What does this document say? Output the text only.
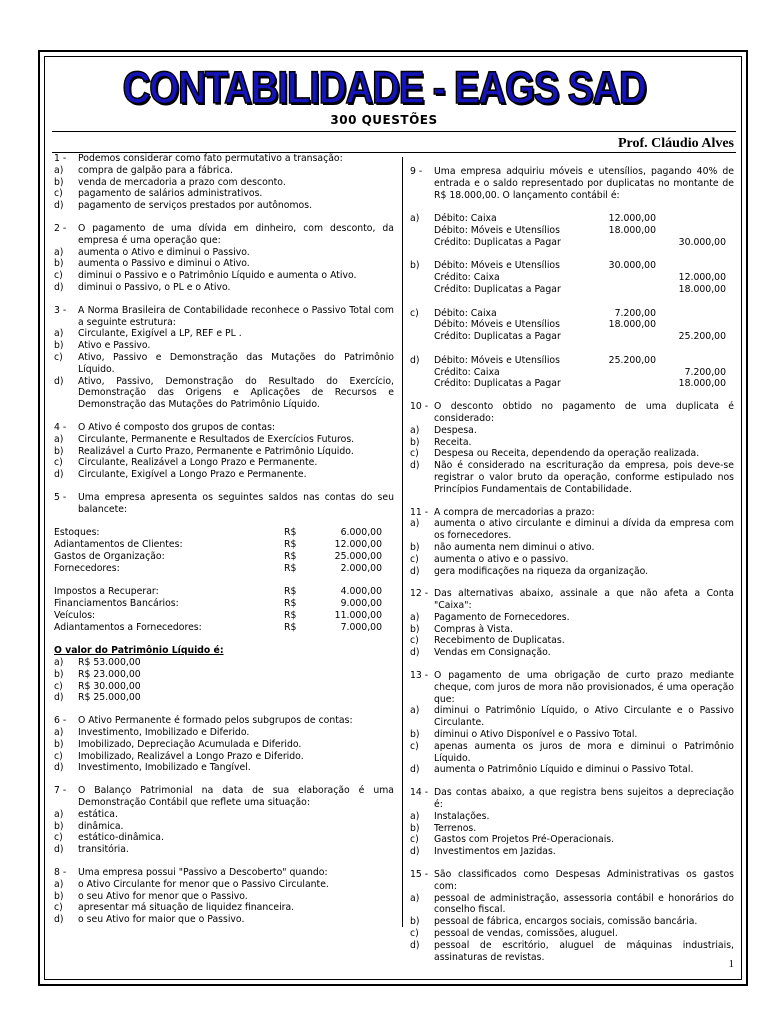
CONTABILIDADE - EAGS SAD
300 QUESTÕES
Prof. Cláudio Alves
1 -	Podemos considerar como fato permutativo a transação:
a)	compra de galpão para a fábrica.
b)	venda de mercadoria a prazo com desconto.
c)	pagamento de salários administrativos.
d)	pagamento de serviços prestados por autônomos.
2 -	O pagamento de uma dívida em dinheiro, com desconto, da empresa é uma operação que:
a)	aumenta o Ativo e diminui o Passivo.
b)	aumenta o Passivo e diminui o Ativo.
c)	diminui o Passivo e o Patrimônio Líquido e aumenta o Ativo.
d)	diminui o Passivo, o PL e o Ativo.
3 -	A Norma Brasileira de Contabilidade reconhece o Passivo Total com a seguinte estrutura:
a)	Circulante, Exigível a LP, REF e PL .
b)	Ativo e Passivo.
c)	Ativo, Passivo e Demonstração das Mutações do Patrimônio Líquido.
d)	Ativo, Passivo, Demonstração do Resultado do Exercício, Demonstração das Origens e Aplicações de Recursos e Demonstração das Mutações do Patrimônio Líquido.
4 -	O Ativo é composto dos grupos de contas:
a)	Circulante, Permanente e Resultados de Exercícios Futuros.
b)	Realizável a Curto Prazo, Permanente e Patrimônio Líquido.
c)	Circulante, Realizável a Longo Prazo e Permanente.
d)	Circulante, Exigível a Longo Prazo e Permanente.
5 -	Uma empresa apresenta os seguintes saldos nas contas do seu balancete:
Estoques:	R$	6.000,00
Adiantamentos de Clientes:	R$	12.000,00
Gastos de Organização:	R$	25.000,00
Fornecedores:	R$	2.000,00
Impostos a Recuperar:	R$	4.000,00
Financiamentos Bancários:	R$	9.000,00
Veículos:	R$	11.000,00
Adiantamentos a Fornecedores:	R$	7.000,00
O valor do Patrimônio Líquido é:
a)	R$ 53.000,00
b)	R$ 23.000,00
c)	R$ 30.000,00
d)	R$ 25.000,00
6 -	O Ativo Permanente é formado pelos subgrupos de contas:
a)	Investimento, Imobilizado e Diferido.
b)	Imobilizado, Depreciação Acumulada e Diferido.
c)	Imobilizado, Realizável a Longo Prazo e Diferido.
d)	Investimento, Imobilizado e Tangível.
7 -	O Balanço Patrimonial na data de sua elaboração é uma Demonstração Contábil que reflete uma situação:
a)	estática.
b)	dinâmica.
c)	estático-dinâmica.
d)	transitória.
8 -	Uma empresa possui "Passivo a Descoberto" quando:
a)	o Ativo Circulante for menor que o Passivo Circulante.
b)	o seu Ativo for menor que o Passivo.
c)	apresentar má situação de liquidez financeira.
d)	o seu Ativo for maior que o Passivo.
9 -	Uma empresa adquiriu móveis e utensílios, pagando 40% de entrada e o saldo representado por duplicatas no montante de R$ 18.000,00. O lançamento contábil é:
a)	Débito: Caixa	12.000,00
Débito: Móveis e Utensílios	18.000,00
Crédito: Duplicatas a Pagar	30.000,00
b)	Débito: Móveis e Utensílios	30.000,00
Crédito: Caixa	12.000,00
Crédito: Duplicatas a Pagar	18.000,00
c)	Débito: Caixa	7.200,00
Débito: Móveis e Utensílios	18.000,00
Crédito: Duplicatas a Pagar	25.200,00
d)	Débito: Móveis e Utensílios	25.200,00
Crédito: Caixa	7.200,00
Crédito: Duplicatas a Pagar	18.000,00
10 - O desconto obtido no pagamento de uma duplicata é considerado:
a)	Despesa.
b)	Receita.
c)	Despesa ou Receita, dependendo da operação realizada.
d)	Não é considerado na escrituração da empresa, pois deve-se registrar o valor bruto da operação, conforme estipulado nos Princípios Fundamentais de Contabilidade.
11 - A compra de mercadorias a prazo:
a)	aumenta o ativo circulante e diminui a dívida da empresa com os fornecedores.
b)	não aumenta nem diminui o ativo.
c)	aumenta o ativo e o passivo.
d)	gera modificações na riqueza da organização.
12 - Das alternativas abaixo, assinale a que não afeta a Conta "Caixa":
a)	Pagamento de Fornecedores.
b)	Compras à Vista.
c)	Recebimento de Duplicatas.
d)	Vendas em Consignação.
13 - O pagamento de uma obrigação de curto prazo mediante cheque, com juros de mora não provisionados, é uma operação que:
a)	diminui o Patrimônio Líquido, o Ativo Circulante e o Passivo Circulante.
b)	diminui o Ativo Disponível e o Passivo Total.
c)	apenas aumenta os juros de mora e diminui o Patrimônio Líquido.
d)	aumenta o Patrimônio Líquido e diminui o Passivo Total.
14 - Das contas abaixo, a que registra bens sujeitos a depreciação é:
a)	Instalações.
b)	Terrenos.
c)	Gastos com Projetos Pré-Operacionais.
d)	Investimentos em Jazidas.
15 - São classificados como Despesas Administrativas os gastos com:
a)	pessoal de administração, assessoria contábil e honorários do conselho fiscal.
b)	pessoal de fábrica, encargos sociais, comissão bancária.
c)	pessoal de vendas, comissões, aluguel.
d)	pessoal de escritório, aluguel de máquinas industriais, assinaturas de revistas.
1
